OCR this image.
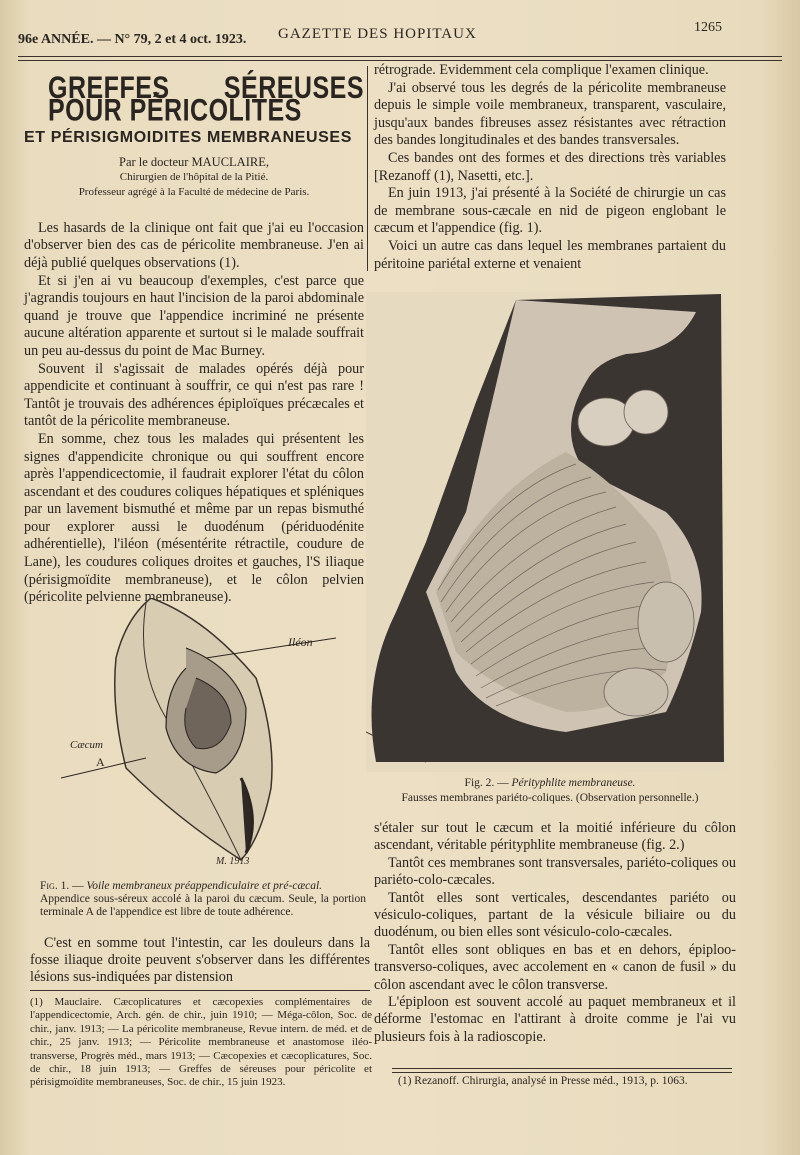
96e ANNÉE. — N° 79, 2 et 4 oct. 1923. GAZETTE DES HOPITAUX	1265
GREFFES SÉREUSES POUR PÉRICOLITES
ET PÉRISIGMOIDITES MEMBRANEUSES
Par le docteur MAUCLAIRE,
Chirurgien de l'hôpital de la Pitié.
Professeur agrégé à la Faculté de médecine de Paris.

Les hasards de la clinique ont fait que j'ai eu l'occasion d'observer bien des cas de péricolite membraneuse. J'en ai déjà publié quelques observations (1).

Et si j'en ai vu beaucoup d'exemples, c'est parce que j'agrandis toujours en haut l'incision de la paroi abdominale quand je trouve que l'appendice incriminé ne présente aucune altération apparente et surtout si le malade souffrait un peu au-dessus du point de Mac Burney.

Souvent il s'agissait de malades opérés déjà pour appendicite et continuant à souffrir, ce qui n'est pas rare ! Tantôt je trouvais des adhérences épiploïques précæcales et tantôt de la péricolite membraneuse.

En somme, chez tous les malades qui présentent les signes d'appendicite chronique ou qui souffrent encore après l'appendicectomie, il faudrait explorer l'état du côlon ascendant et des coudures coliques hépatiques et spléniques par un lavement bismuthé et même par un repas bismuthé pour explorer aussi le duodénum (périduodénite adhérentielle), l'iléon (mésentérite rétractile, coudure de Lane), les coudures coliques droites et gauches, l'S iliaque (périsigmoïdite membraneuse), et le côlon pelvien (péricolite pelvienne membraneuse).

rétrograde. Evidemment cela complique l'examen clinique.

J'ai observé tous les degrés de la péricolite membraneuse depuis le simple voile membraneux, transparent, vasculaire, jusqu'aux bandes fibreuses assez résistantes avec rétraction des bandes longitudinales et des bandes transversales.

Ces bandes ont des formes et des directions très variables [Rezanoff (1), Nasetti, etc.].

En juin 1913, j'ai présenté à la Société de chirurgie un cas de membrane sous-cæcale en nid de pigeon englobant le cæcum et l'appendice (fig. 1).

Voici un autre cas dans lequel les membranes partaient du péritoine pariétal externe et venaient

Fig. 2. — Pérityphlite membraneuse.
Fausses membranes pariéto-coliques. (Observation personnelle.)
Iléon
Cæcum
A
M. 1913
Fig. 1. — Voile membraneux préappendiculaire et pré-cæcal.
Appendice sous-séreux accolé à la paroi du cæcum. Seule, la portion terminale A de l'appendice est libre de toute adhérence.

C'est en somme tout l'intestin, car les douleurs dans la fosse iliaque droite peuvent s'observer dans les différentes lésions sus-indiquées par distension

(1) Mauclaire. Cæcoplicatures et cæcopexies complémentaires de l'appendicectomie, Arch. gén. de chir., juin 1910; — Méga-côlon, Soc. de chir., janv. 1913; — La péricolite membraneuse, Revue intern. de méd. et de chir., 25 janv. 1913; — Péricolite membraneuse et anastomose iléo-transverse, Progrès méd., mars 1913; — Cæcopexies et cæcoplicatures, Soc. de chir., 18 juin 1913; — Greffes de séreuses pour péricolite et périsigmoïdite membraneuses, Soc. de chir., 15 juin 1923.

s'étaler sur tout le cæcum et la moitié inférieure du côlon ascendant, véritable pérityphlite membraneuse (fig. 2.)

Tantôt ces membranes sont transversales, pariéto-coliques ou pariéto-colo-cæcales.

Tantôt elles sont verticales, descendantes pariéto ou vésiculo-coliques, partant de la vésicule biliaire ou du duodénum, ou bien elles sont vésiculo-colo-cæcales.

Tantôt elles sont obliques en bas et en dehors, épiploo-transverso-coliques, avec accolement en « canon de fusil » du côlon ascendant avec le côlon transverse.

L'épiploon est souvent accolé au paquet membraneux et il déforme l'estomac en l'attirant à droite comme je l'ai vu plusieurs fois à la radioscopie.

(1) Rezanoff. Chirurgia, analysé in Presse méd., 1913, p. 1063.
